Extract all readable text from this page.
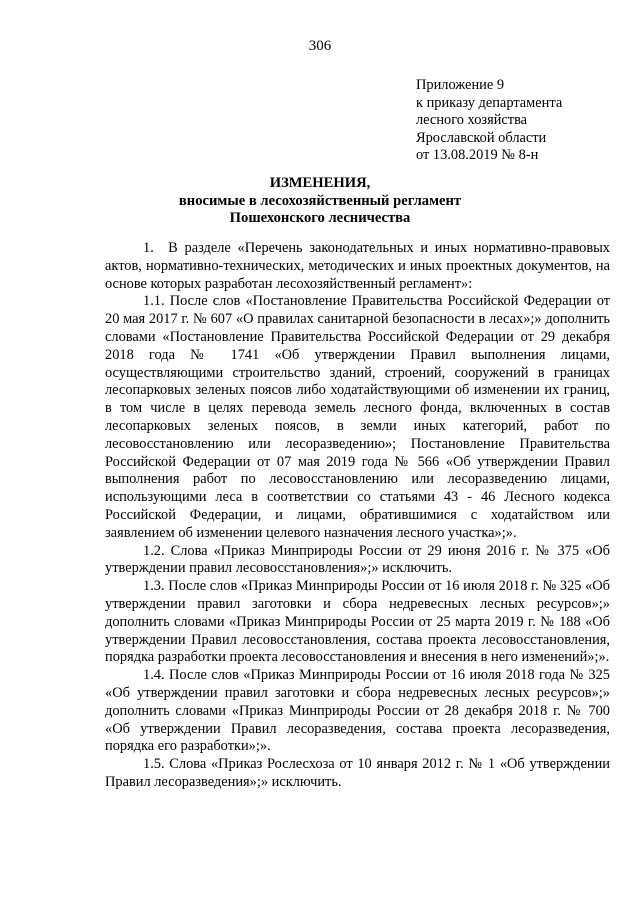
306
Приложение 9
к приказу департамента
лесного хозяйства
Ярославской области
от 13.08.2019 № 8-н
ИЗМЕНЕНИЯ,
вносимые в лесохозяйственный регламент
Пошехонского лесничества

1. В разделе «Перечень законодательных и иных нормативно-правовых актов, нормативно-технических, методических и иных проектных документов, на основе которых разработан лесохозяйственный регламент»:

1.1. После слов «Постановление Правительства Российской Федерации от 20 мая 2017 г. № 607 «О правилах санитарной безопасности в лесах»;» дополнить словами «Постановление Правительства Российской Федерации от 29 декабря 2018 года № 1741 «Об утверждении Правил выполнения лицами, осуществляющими строительство зданий, строений, сооружений в границах лесопарковых зеленых поясов либо ходатайствующими об изменении их границ, в том числе в целях перевода земель лесного фонда, включенных в состав лесопарковых зеленых поясов, в земли иных категорий, работ по лесовосстановлению или лесоразведению»; Постановление Правительства Российской Федерации от 07 мая 2019 года № 566 «Об утверждении Правил выполнения работ по лесовосстановлению или лесоразведению лицами, использующими леса в соответствии со статьями 43 - 46 Лесного кодекса Российской Федерации, и лицами, обратившимися с ходатайством или заявлением об изменении целевого назначения лесного участка»;».

1.2. Слова «Приказ Минприроды России от 29 июня 2016 г. № 375 «Об утверждении правил лесовосстановления»;» исключить.

1.3. После слов «Приказ Минприроды России от 16 июля 2018 г. № 325 «Об утверждении правил заготовки и сбора недревесных лесных ресурсов»;» дополнить словами «Приказ Минприроды России от 25 марта 2019 г. № 188 «Об утверждении Правил лесовосстановления, состава проекта лесовосстановления, порядка разработки проекта лесовосстановления и внесения в него изменений»;».

1.4. После слов «Приказ Минприроды России от 16 июля 2018 года № 325 «Об утверждении правил заготовки и сбора недревесных лесных ресурсов»;» дополнить словами «Приказ Минприроды России от 28 декабря 2018 г. № 700 «Об утверждении Правил лесоразведения, состава проекта лесоразведения, порядка его разработки»;».

1.5. Слова «Приказ Рослесхоза от 10 января 2012 г. № 1 «Об утверждении Правил лесоразведения»;» исключить.
